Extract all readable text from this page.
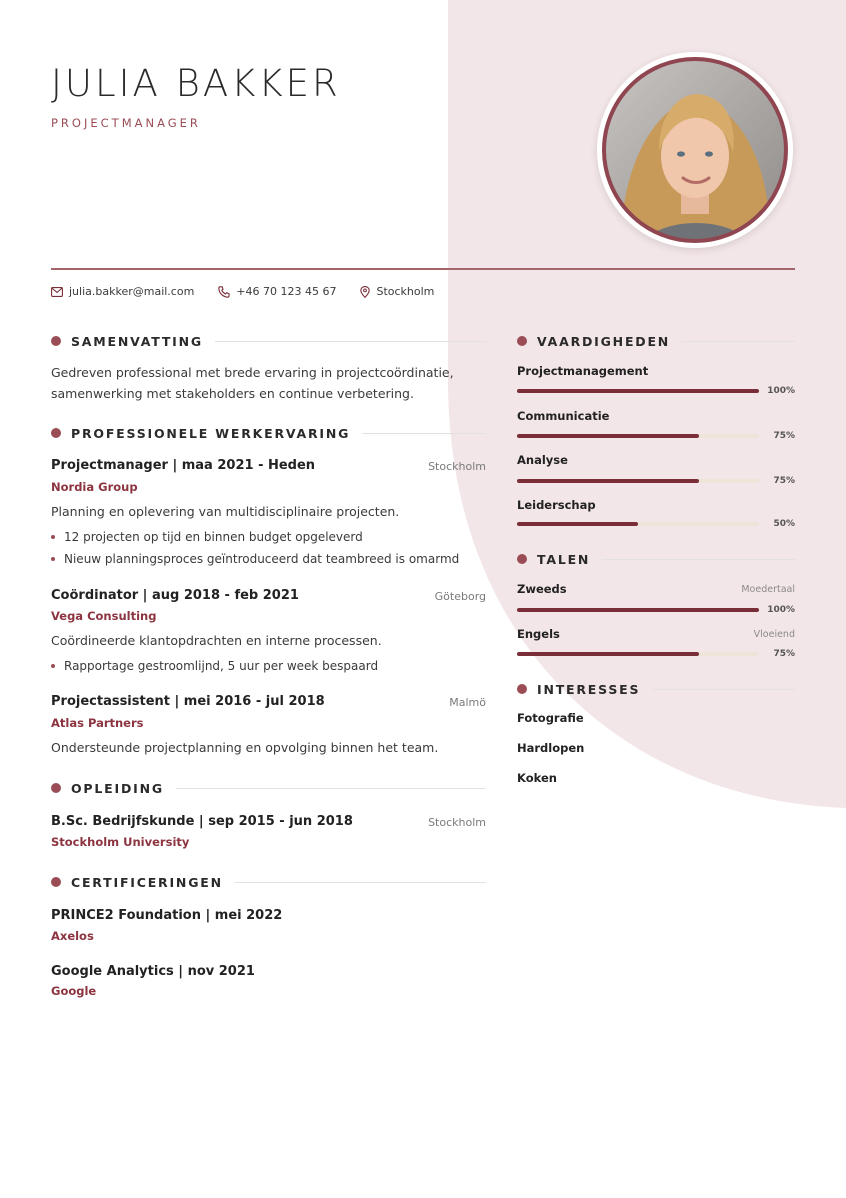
JULIA BAKKER
PROJECTMANAGER
julia.bakker@mail.com	+46 70 123 45 67	Stockholm
SAMENVATTING
Gedreven professional met brede ervaring in projectcoördinatie,
samenwerking met stakeholders en continue verbetering.
PROFESSIONELE WERKERVARING
Projectmanager | maa 2021 - Heden	Stockholm
Nordia Group
Planning en oplevering van multidisciplinaire projecten.
12 projecten op tijd en binnen budget opgeleverd
Nieuw planningsproces geïntroduceerd dat teambreed is omarmd
Coördinator | aug 2018 - feb 2021	Göteborg
Vega Consulting
Coördineerde klantopdrachten en interne processen.
Rapportage gestroomlijnd, 5 uur per week bespaard
Projectassistent | mei 2016 - jul 2018	Malmö
Atlas Partners
Ondersteunde projectplanning en opvolging binnen het team.
OPLEIDING
B.Sc. Bedrijfskunde | sep 2015 - jun 2018	Stockholm
Stockholm University
CERTIFICERINGEN
PRINCE2 Foundation | mei 2022
Axelos
Google Analytics | nov 2021
Google
VAARDIGHEDEN
Projectmanagement
100%
Communicatie
75%
Analyse
75%
Leiderschap
50%
TALEN
Zweeds	Moedertaal
100%
Engels	Vloeiend
75%
INTERESSES
Fotografie
Hardlopen
Koken
